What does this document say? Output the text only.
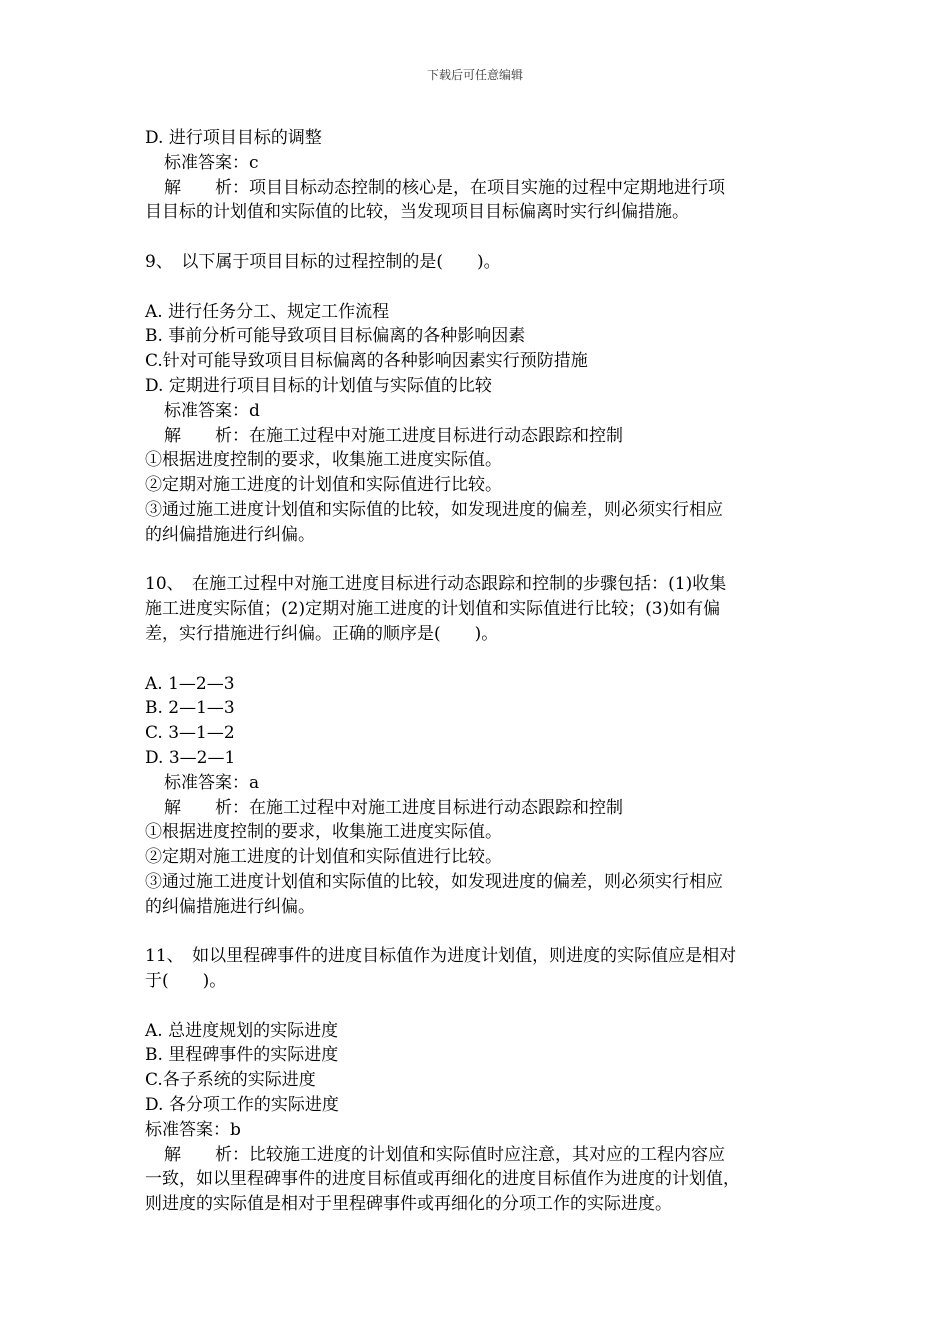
下载后可任意编辑
D. 进行项目目标的调整
标准答案：c
解　　析：项目目标动态控制的核心是，在项目实施的过程中定期地进行项
目目标的计划值和实际值的比较，当发现项目目标偏离时实行纠偏措施。
9、　以下属于项目目标的过程控制的是(　　)。
A. 进行任务分工、规定工作流程
B. 事前分析可能导致项目目标偏离的各种影响因素
C.针对可能导致项目目标偏离的各种影响因素实行预防措施
D. 定期进行项目目标的计划值与实际值的比较
标准答案：d
解　　析：在施工过程中对施工进度目标进行动态跟踪和控制
①根据进度控制的要求，收集施工进度实际值。
②定期对施工进度的计划值和实际值进行比较。
③通过施工进度计划值和实际值的比较，如发现进度的偏差，则必须实行相应
的纠偏措施进行纠偏。
10、　在施工过程中对施工进度目标进行动态跟踪和控制的步骤包括：(1)收集
施工进度实际值；(2)定期对施工进度的计划值和实际值进行比较；(3)如有偏
差，实行措施进行纠偏。正确的顺序是(　　)。
A. 1—2—3
B. 2—1—3
C. 3—1—2
D. 3—2—1
标准答案：a
解　　析：在施工过程中对施工进度目标进行动态跟踪和控制
①根据进度控制的要求，收集施工进度实际值。
②定期对施工进度的计划值和实际值进行比较。
③通过施工进度计划值和实际值的比较，如发现进度的偏差，则必须实行相应
的纠偏措施进行纠偏。
11、　如以里程碑事件的进度目标值作为进度计划值，则进度的实际值应是相对
于(　　)。
A. 总进度规划的实际进度
B. 里程碑事件的实际进度
C.各子系统的实际进度
D. 各分项工作的实际进度
标准答案：b
解　　析：比较施工进度的计划值和实际值时应注意，其对应的工程内容应
一致，如以里程碑事件的进度目标值或再细化的进度目标值作为进度的计划值，
则进度的实际值是相对于里程碑事件或再细化的分项工作的实际进度。
